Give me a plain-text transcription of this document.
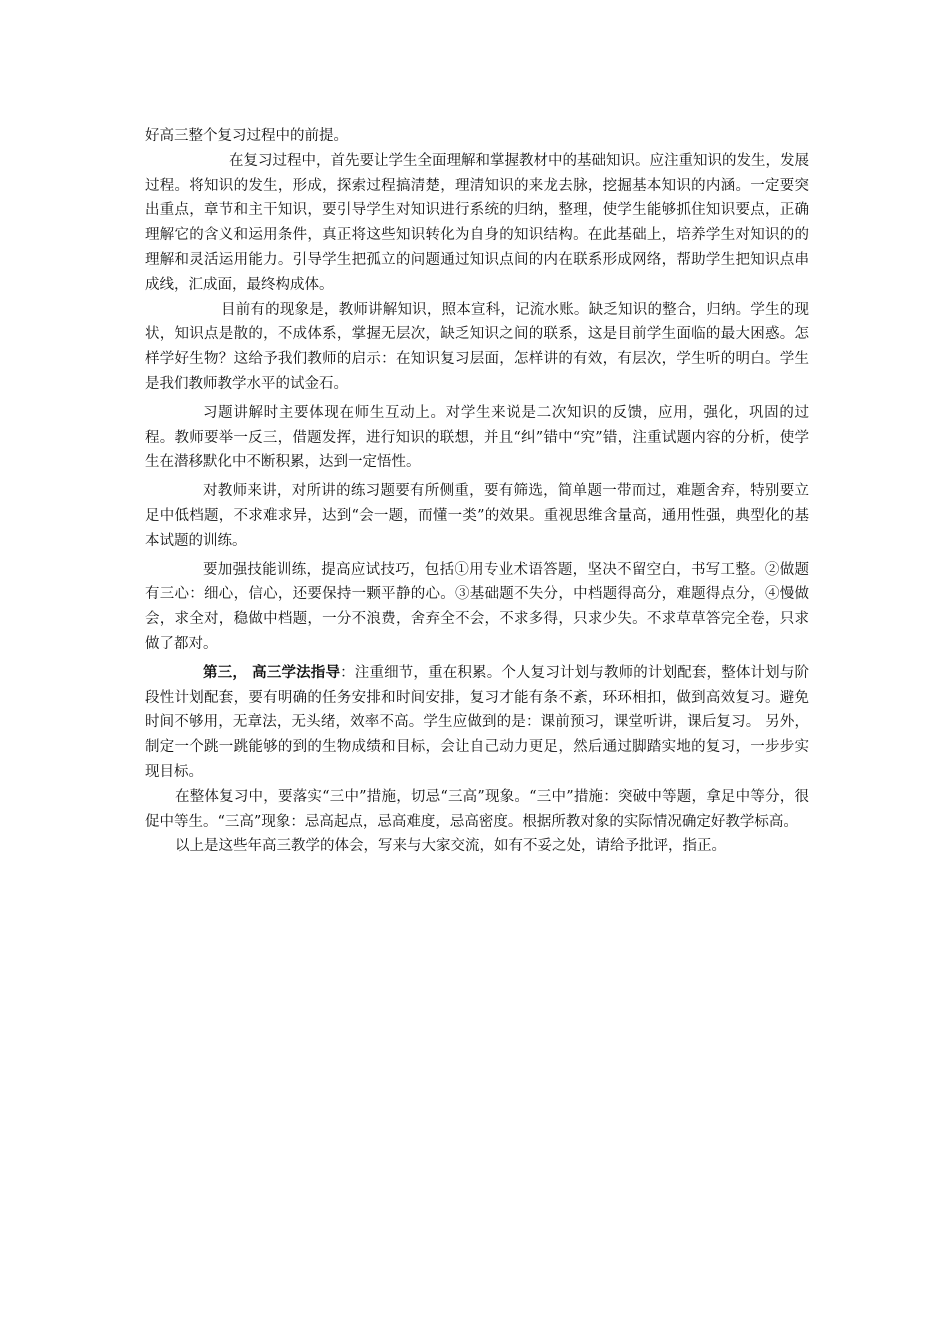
好高三整个复习过程中的前提。

在复习过程中，首先要让学生全面理解和掌握教材中的基础知识。应注重知识的发生，发展过程。将知识的发生，形成，探索过程搞清楚，理清知识的来龙去脉，挖掘基本知识的内涵。一定要突出重点，章节和主干知识，要引导学生对知识进行系统的归纳，整理，使学生能够抓住知识要点，正确理解它的含义和运用条件，真正将这些知识转化为自身的知识结构。在此基础上，培养学生对知识的的理解和灵活运用能力。引导学生把孤立的问题通过知识点间的内在联系形成网络，帮助学生把知识点串成线，汇成面，最终构成体。

目前有的现象是，教师讲解知识，照本宣科，记流水账。缺乏知识的整合，归纳。学生的现状，知识点是散的，不成体系，掌握无层次，缺乏知识之间的联系，这是目前学生面临的最大困惑。怎样学好生物？这给予我们教师的启示：在知识复习层面，怎样讲的有效，有层次，学生听的明白。学生是我们教师教学水平的试金石。

习题讲解时主要体现在师生互动上。对学生来说是二次知识的反馈，应用，强化，巩固的过程。教师要举一反三，借题发挥，进行知识的联想，并且“纠”错中“究”错，注重试题内容的分析，使学生在潜移默化中不断积累，达到一定悟性。

对教师来讲，对所讲的练习题要有所侧重，要有筛选，简单题一带而过，难题舍弃，特别要立足中低档题，不求难求异，达到“会一题，而懂一类”的效果。重视思维含量高，通用性强，典型化的基本试题的训练。

要加强技能训练，提高应试技巧，包括①用专业术语答题，坚决不留空白，书写工整。②做题有三心：细心，信心，还要保持一颗平静的心。③基础题不失分，中档题得高分，难题得点分，④慢做会，求全对，稳做中档题，一分不浪费，舍弃全不会，不求多得，只求少失。不求草草答完全卷，只求做了都对。

第三， 高三学法指导：注重细节，重在积累。个人复习计划与教师的计划配套，整体计划与阶段性计划配套，要有明确的任务安排和时间安排，复习才能有条不紊，环环相扣，做到高效复习。避免时间不够用，无章法，无头绪，效率不高。学生应做到的是：课前预习，课堂听讲，课后复习。 另外，制定一个跳一跳能够的到的生物成绩和目标，会让自己动力更足，然后通过脚踏实地的复习，一步步实现目标。

在整体复习中，要落实“三中”措施，切忌“三高”现象。“三中”措施：突破中等题，拿足中等分，很促中等生。“三高”现象：忌高起点，忌高难度，忌高密度。根据所教对象的实际情况确定好教学标高。

以上是这些年高三教学的体会，写来与大家交流，如有不妥之处，请给予批评，指正。
